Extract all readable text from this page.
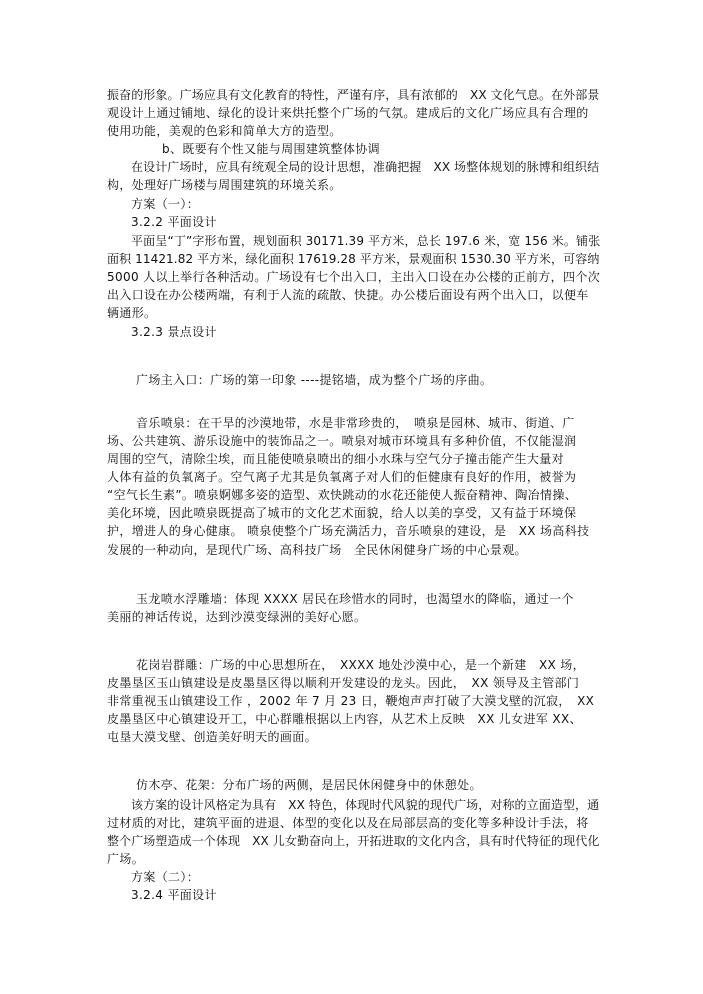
振奋的形象。广场应具有文化教育的特性，严谨有序，具有浓郁的　XX 文化气息。在外部景
观设计上通过铺地、绿化的设计来烘托整个广场的气氛。建成后的文化广场应具有合理的
使用功能，美观的色彩和简单大方的造型。
b、既要有个性又能与周围建筑整体协调
在设计广场时，应具有统观全局的设计思想，准确把握　XX 场整体规划的脉博和组织结
构，处理好广场楼与周围建筑的环境关系。
方案（一）：
3.2.2 平面设计
平面呈“丁”字形布置，规划面积 30171.39 平方米，总长 197.6 米，宽 156 米。铺张
面积 11421.82 平方米，绿化面积 17619.28 平方米，景观面积 1530.30 平方米，可容纳
5000 人以上举行各种活动。广场设有七个出入口，主出入口设在办公楼的正前方，四个次
出入口设在办公楼两端，有利于人流的疏散、快捷。办公楼后面设有两个出入口，以便车
辆通形。
3.2.3 景点设计
广场主入口：广场的第一印象 ----提铭墙，成为整个广场的序曲。
音乐喷泉：在干旱的沙漠地带，水是非常珍贵的，　喷泉是园林、城市、街道、广
场、公共建筑、游乐设施中的装饰品之一。喷泉对城市环境具有多种价值，不仅能湿润
周围的空气，清除尘埃，而且能使喷泉喷出的细小水珠与空气分子撞击能产生大量对
人体有益的负氧离子。空气离子尤其是负氧离子对人们的佢健康有良好的作用，被誉为
“空气长生素”。喷泉婀娜多姿的造型、欢快跳动的水花还能使人振奋精神、陶冶情操、
美化环境，因此喷泉既提高了城市的文化艺术面貌，给人以美的享受，又有益于环境保
护，增进人的身心健康。 喷泉使整个广场充满活力，音乐喷泉的建设，是　XX 场高科技
发展的一种动向，是现代广场、高科技广场　全民休闲健身广场的中心景观。
玉龙喷水浮雕墙：体现 XXXX 居民在珍惜水的同时，也渴望水的降临，通过一个
美丽的神话传说，达到沙漠变绿洲的美好心愿。
花岗岩群雕：广场的中心思想所在，　XXXX 地处沙漠中心，是一个新建　XX 场，
皮墨垦区玉山镇建设是皮墨垦区得以顺利开发建设的龙头。因此，　XX 领导及主管部门
非常重视玉山镇建设工作 ，2002 年 7 月 23 日，鞭炮声声打破了大漠戈壁的沉寂，　XX
皮墨垦区中心镇建设开工，中心群雕根据以上内容，从艺术上反映　XX 儿女进军 XX、
屯垦大漠戈壁、创造美好明天的画面。
仿木亭、花架：分布广场的两侧，是居民休闲健身中的休憩处。
该方案的设计风格定为具有　XX 特色，体现时代风貌的现代广场，对称的立面造型，通
过材质的对比，建筑平面的进退、体型的变化以及在局部层高的变化等多种设计手法，将
整个广场塑造成一个体现　XX 儿女勤奋向上，开拓进取的文化内含，具有时代特征的现代化
广场。
方案（二）：
3.2.4 平面设计
